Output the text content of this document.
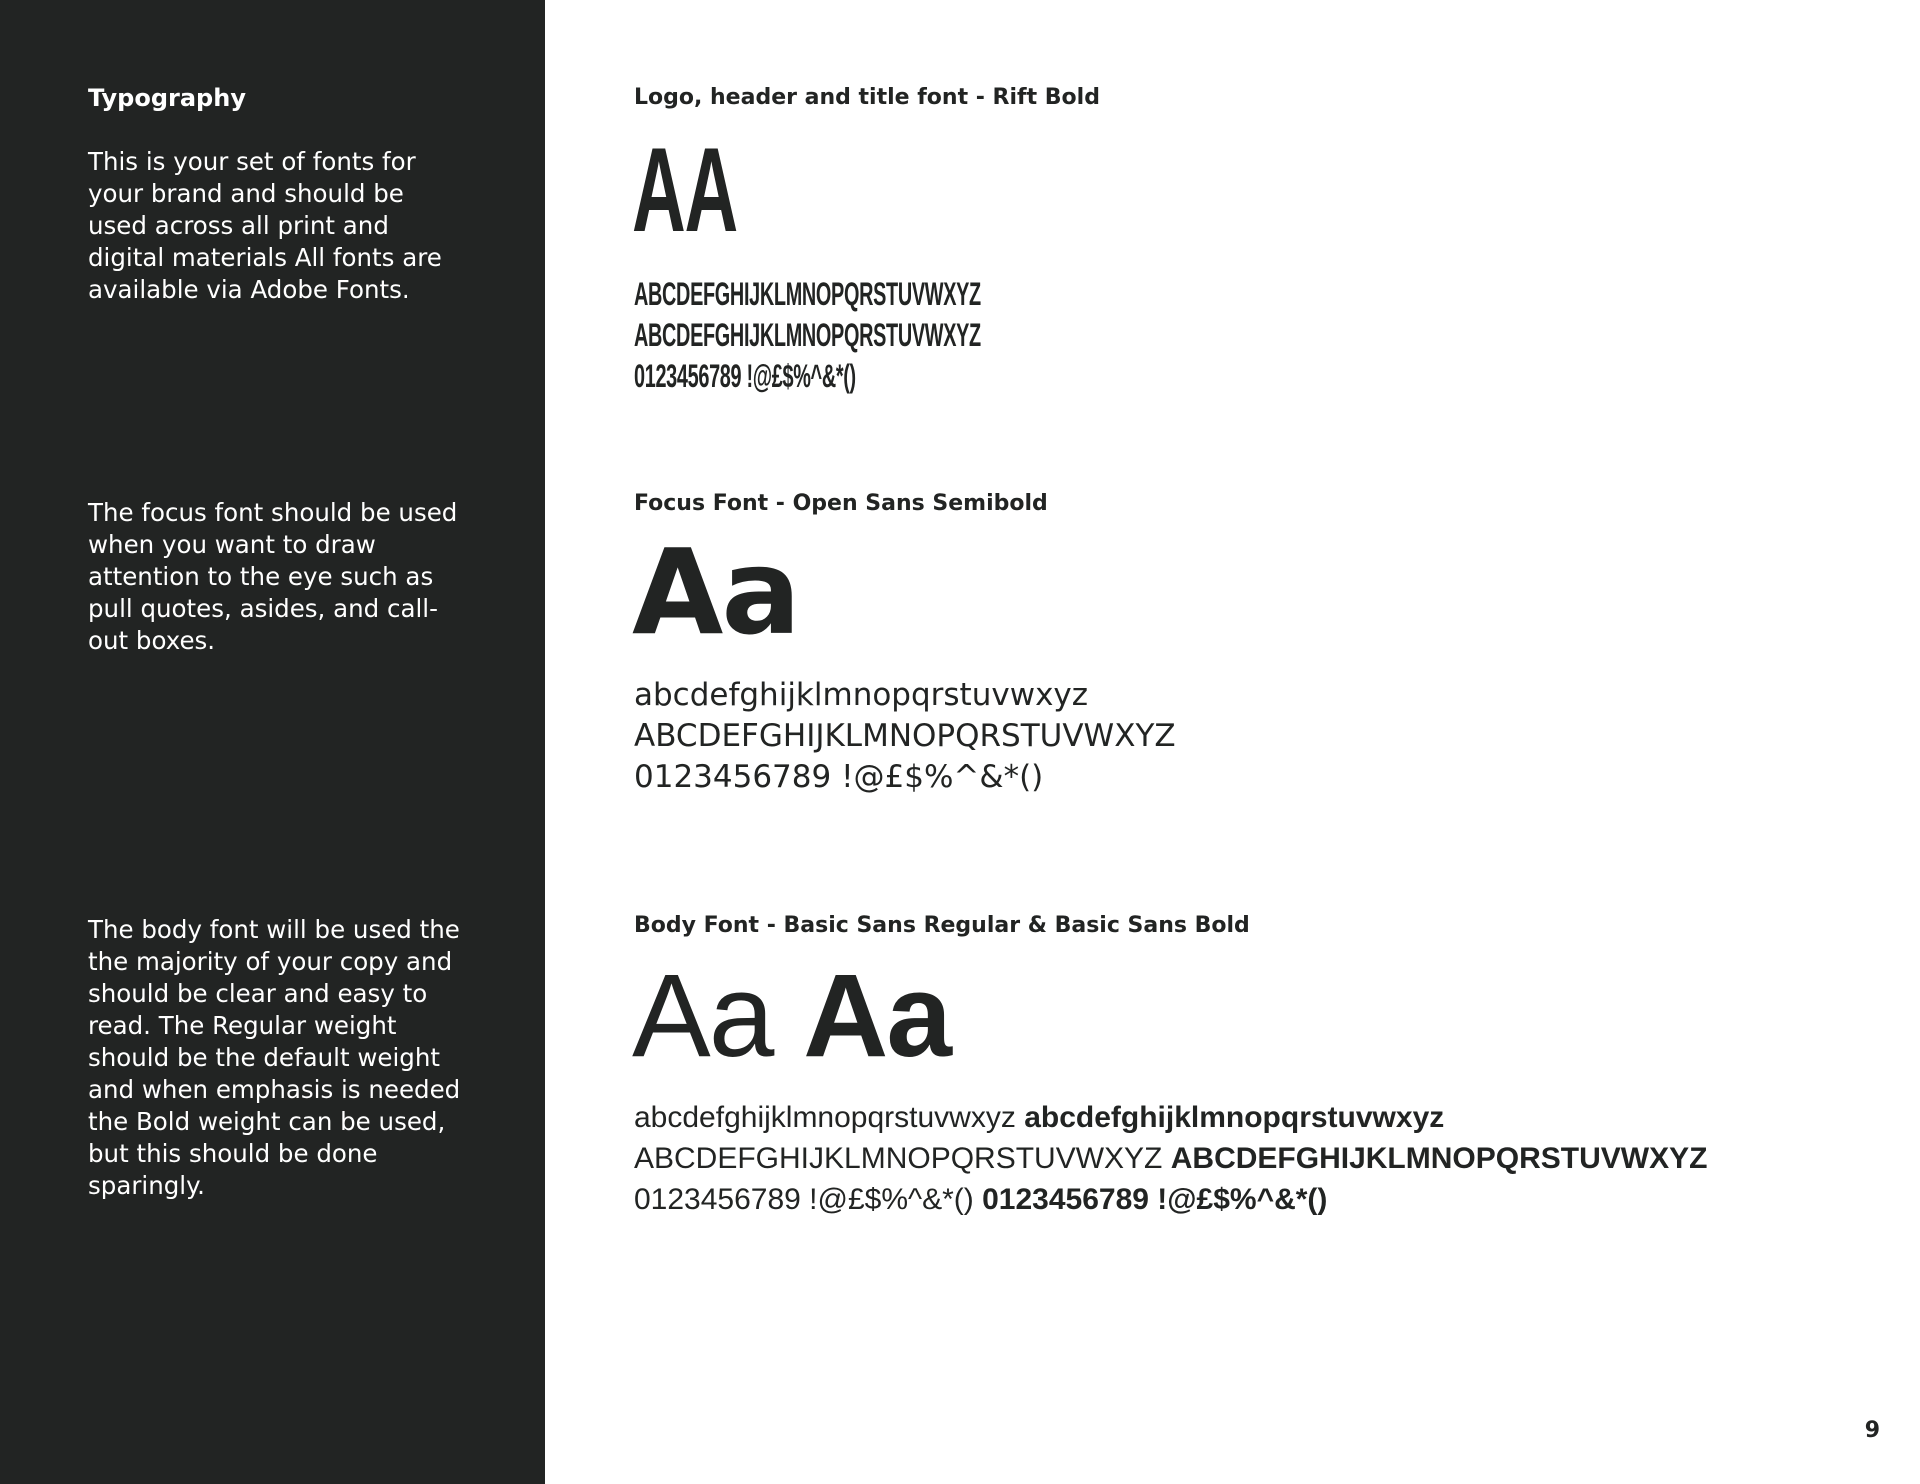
Typography

This is your set of fonts for your brand and should be used across all print and digital materials All fonts are available via Adobe Fonts.

The focus font should be used when you want to draw attention to the eye such as pull quotes, asides, and call-out boxes.

The body font will be used the the majority of your copy and should be clear and easy to read. The Regular weight should be the default weight and when emphasis is needed the Bold weight can be used, but this should be done sparingly.

Logo, header and title font - Rift Bold

AA
ABCDEFGHIJKLMNOPQRSTUVWXYZ
ABCDEFGHIJKLMNOPQRSTUVWXYZ
0123456789 !@£$%^&*()

Focus Font - Open Sans Semibold

Aa
abcdefghijklmnopqrstuvwxyz
ABCDEFGHIJKLMNOPQRSTUVWXYZ
0123456789 !@£$%^&*()

Body Font - Basic Sans Regular & Basic Sans Bold

Aa Aa
abcdefghijklmnopqrstuvwxyz abcdefghijklmnopqrstuvwxyz
ABCDEFGHIJKLMNOPQRSTUVWXYZ ABCDEFGHIJKLMNOPQRSTUVWXYZ
0123456789 !@£$%^&*() 0123456789 !@£$%^&*()

9
